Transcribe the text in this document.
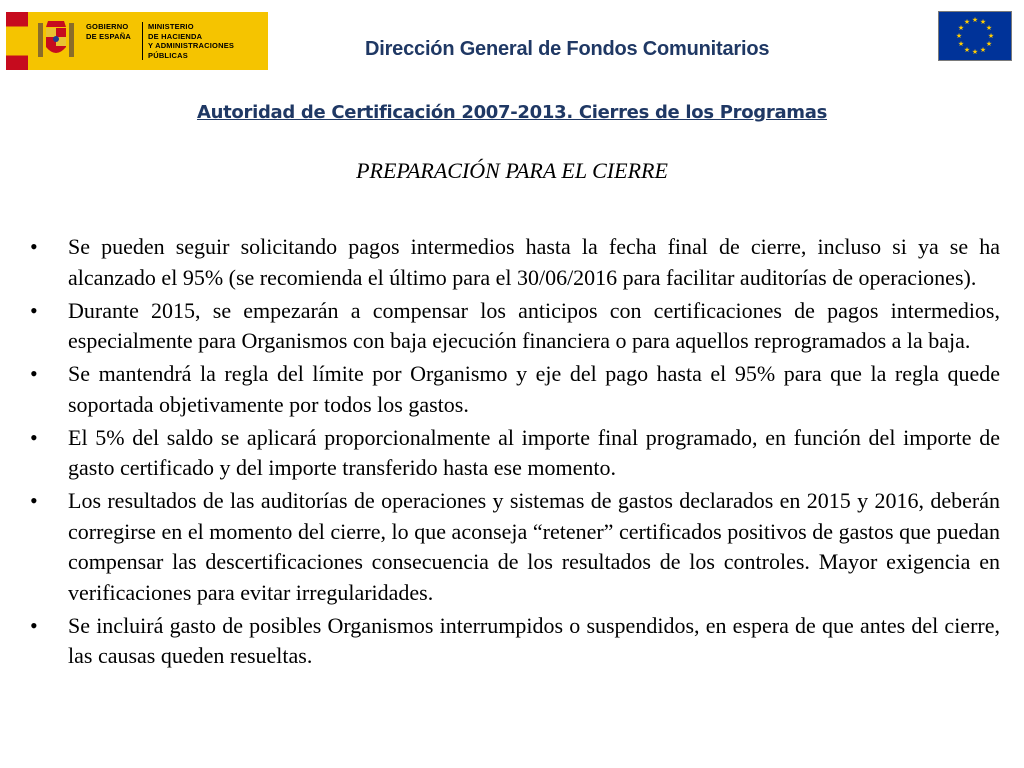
GOBIERNO
DE ESPAÑA
MINISTERIO
DE HACIENDA
Y ADMINISTRACIONES PÚBLICAS	Dirección General de Fondos Comunitarios
★ ★
★
★
★
★
★
★
★
★
★
★
Autoridad de Certificación 2007-2013. Cierres de los Programas
PREPARACIÓN PARA EL CIERRE
• Se pueden seguir solicitando pagos intermedios hasta la fecha final de cierre, incluso si ya se ha alcanzado el 95% (se recomienda el último para el 30/06/2016 para facilitar auditorías de operaciones).
• Durante 2015, se empezarán a compensar los anticipos con certificaciones de pagos intermedios, especialmente para Organismos con baja ejecución financiera o para aquellos reprogramados a la baja.
• Se mantendrá la regla del límite por Organismo y eje del pago hasta el 95% para que la regla quede soportada objetivamente por todos los gastos.
• El 5% del saldo se aplicará proporcionalmente al importe final programado, en función del importe de gasto certificado y del importe transferido hasta ese momento.
• Los resultados de las auditorías de operaciones y sistemas de gastos declarados en 2015 y 2016, deberán corregirse en el momento del cierre, lo que aconseja “retener” certificados positivos de gastos que puedan compensar las descertificaciones consecuencia de los resultados de los controles. Mayor exigencia en verificaciones para evitar irregularidades.
• Se incluirá gasto de posibles Organismos interrumpidos o suspendidos, en espera de que antes del cierre, las causas queden resueltas.
